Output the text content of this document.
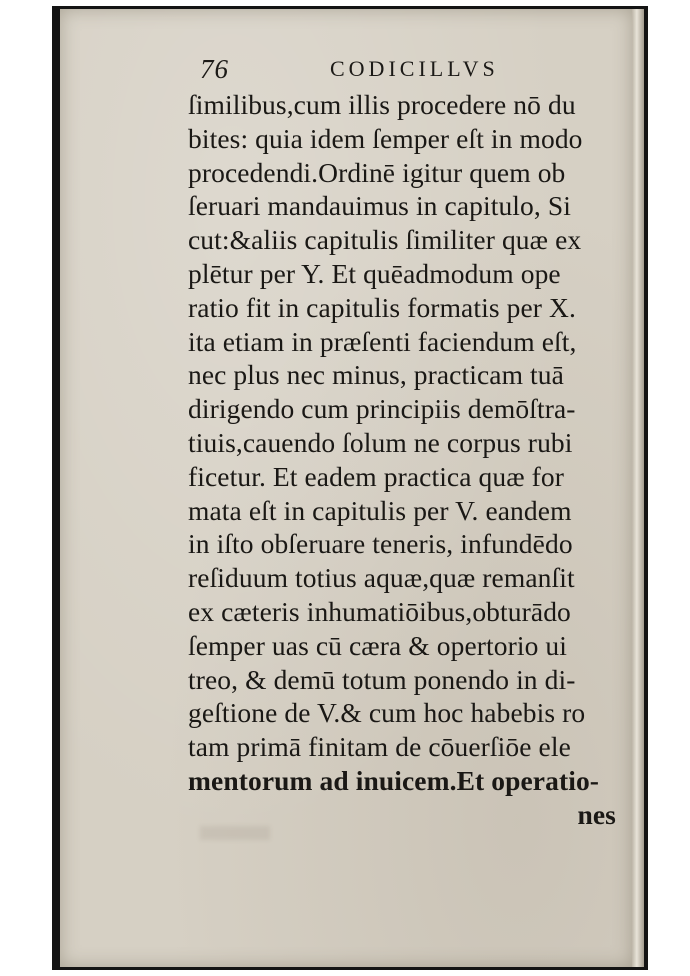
76	CODICILLVS
ſimilibus,cum illis procedere nō du
bites: quia idem ſemper eſt in modo
procedendi.Ordinē igitur quem ob
ſeruari mandauimus in capitulo, Si
cut:&aliis capitulis ſimiliter quæ ex
plētur per Y. Et quēadmodum ope
ratio fit in capitulis formatis per X.
ita etiam in præſenti faciendum eſt,
nec plus nec minus, practicam tuā
dirigendo cum principiis demōſtra-
tiuis,cauendo ſolum ne corpus rubi
ficetur. Et eadem practica quæ for
mata eſt in capitulis per V. eandem
in iſto obſeruare teneris, infundēdo
reſiduum totius aquæ,quæ remanſit
ex cæteris inhumatiōibus,obturādo
ſemper uas cū cæra & opertorio ui
treo, & demū totum ponendo in di-
geſtione de V.& cum hoc habebis ro
tam primā finitam de cōuerſiōe ele
mentorum ad inuicem.Et operatio-
nes
